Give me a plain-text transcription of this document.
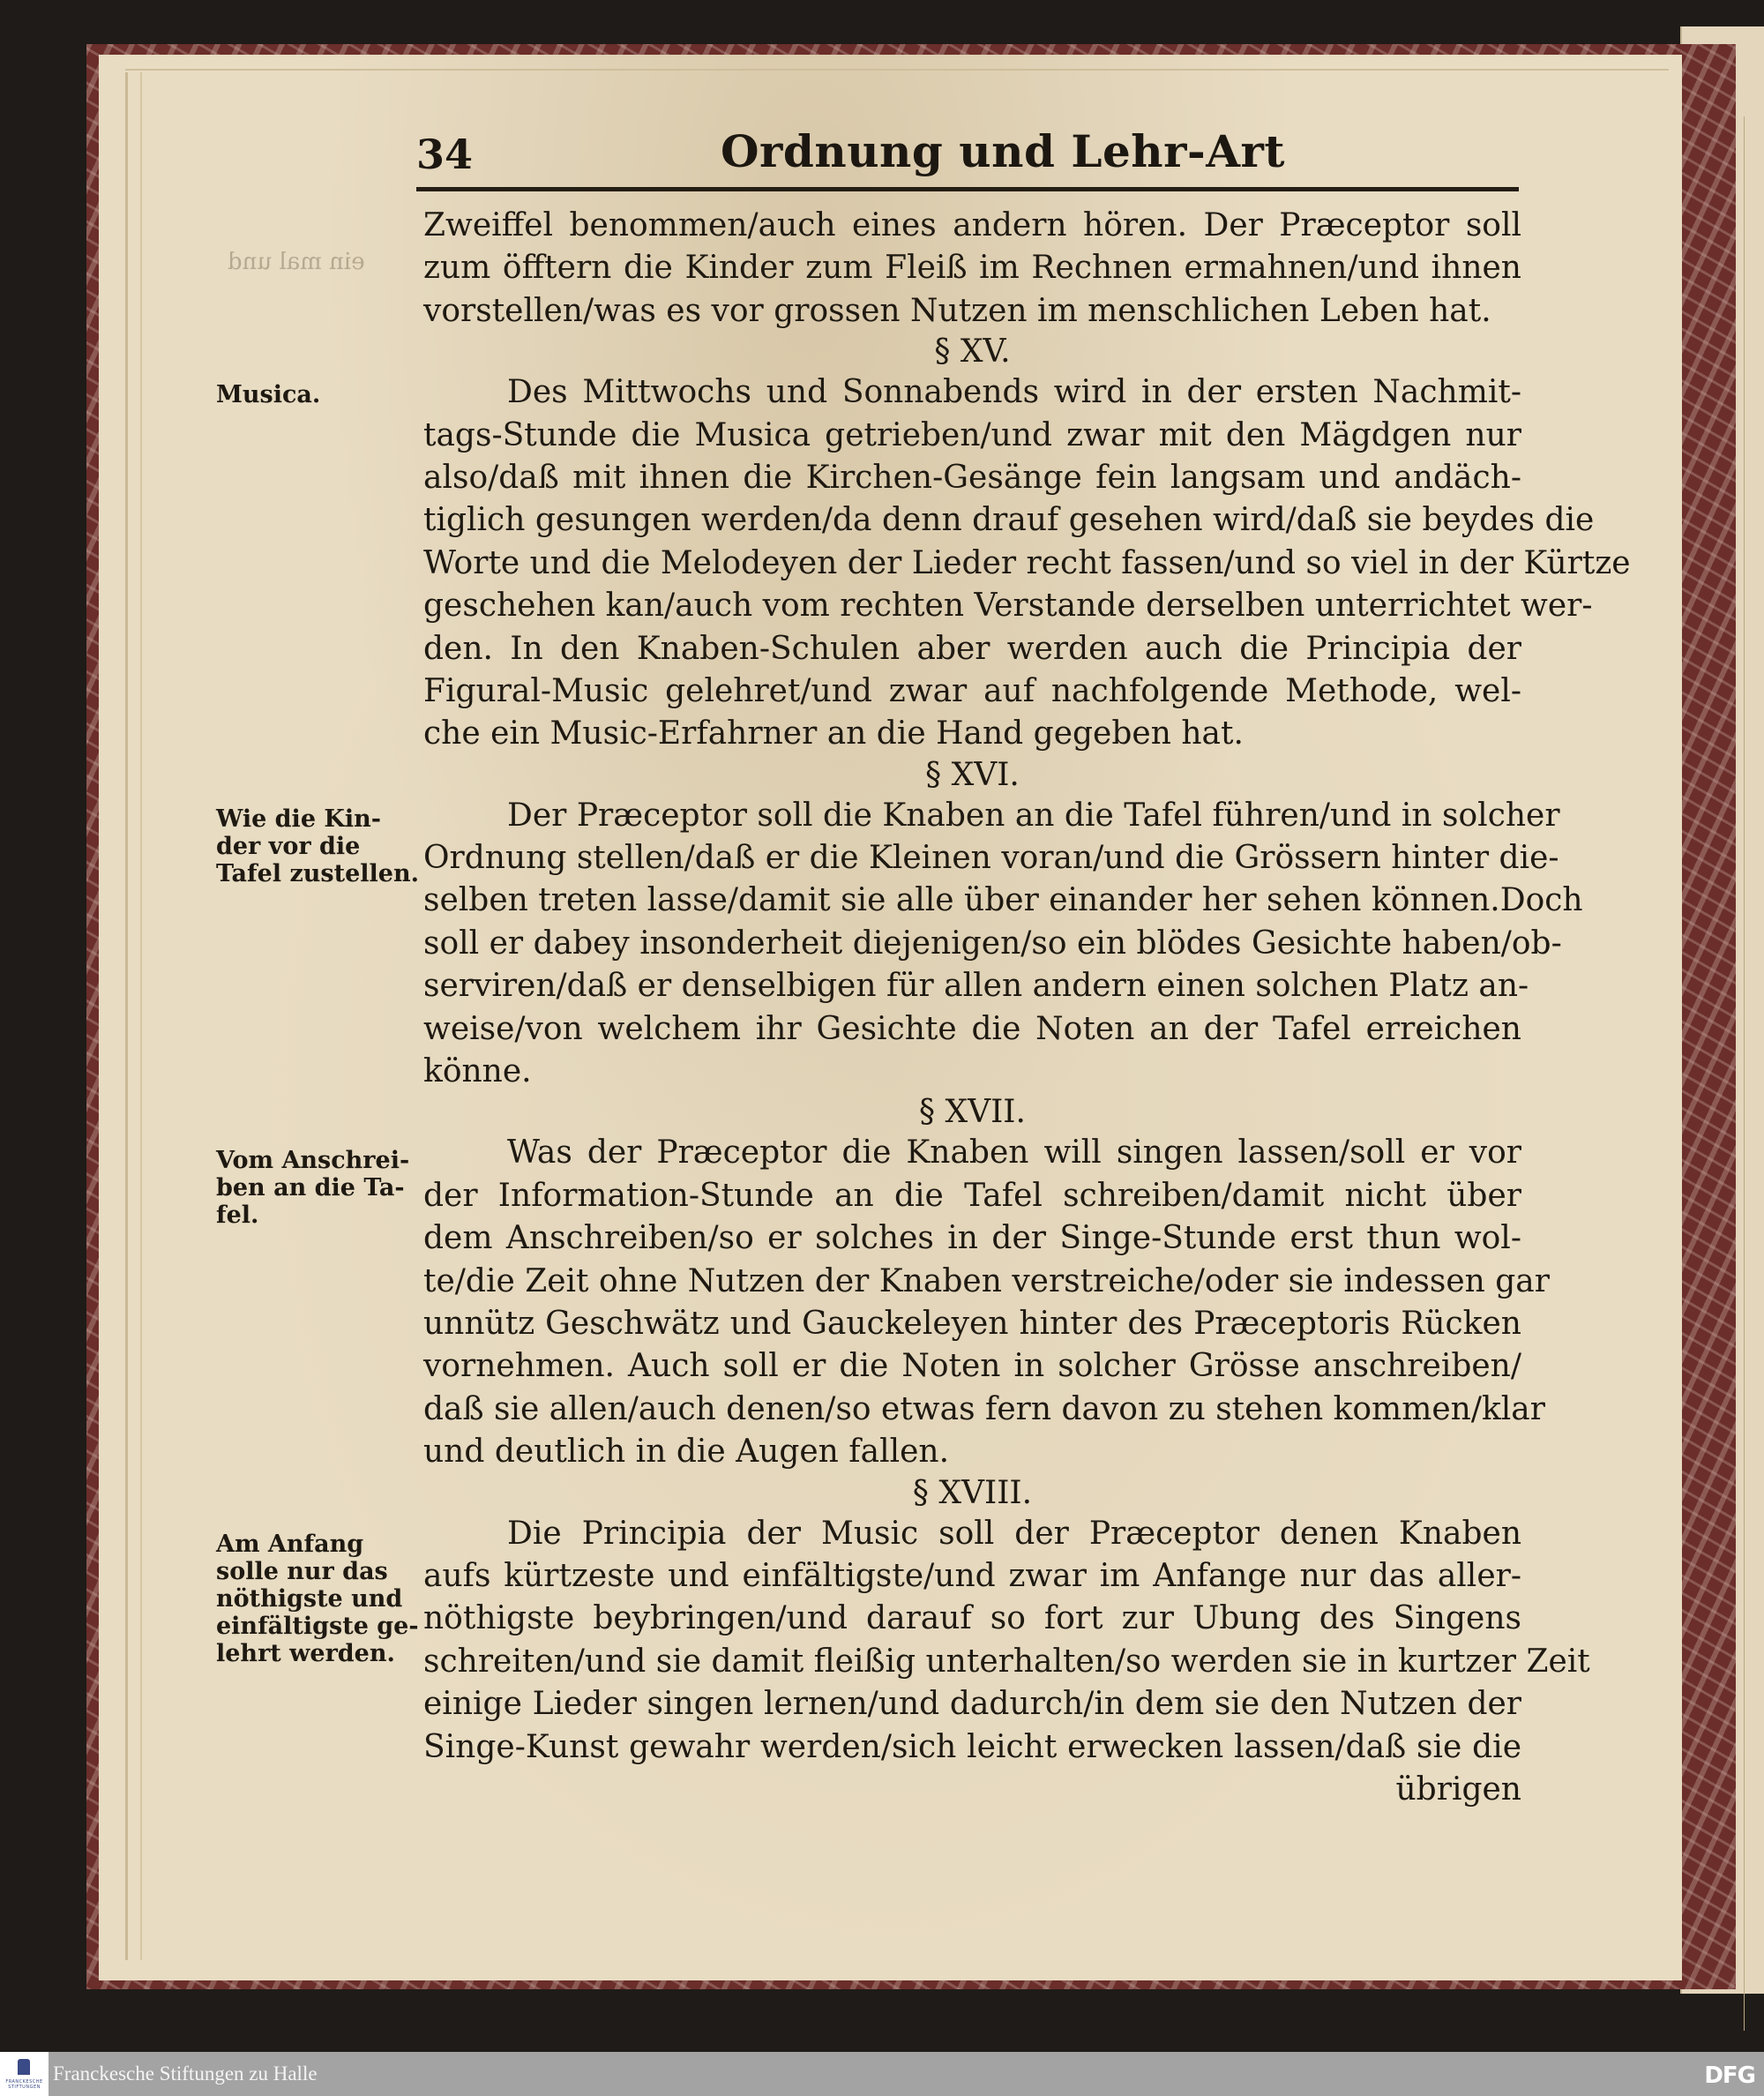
34	Ordnung und Lehr-Art
ein mal und
Musica.
Wie die Kin-
der vor die
Tafel zustellen.
Vom Anschrei-
ben an die Ta-
fel.
Am Anfang
solle nur das
nöthigste und
einfältigste ge-
lehrt werden.
Zweiffel benommen/auch eines andern hören. Der Præceptor soll
zum öfftern die Kinder zum Fleiß im Rechnen ermahnen/und ihnen
vorstellen/was es vor grossen Nutzen im menschlichen Leben hat.
§ XV.
Des Mittwochs und Sonnabends wird in der ersten Nachmit-
tags-Stunde die Musica getrieben/und zwar mit den Mägdgen nur
also/daß mit ihnen die Kirchen-Gesänge fein langsam und andäch-
tiglich gesungen werden/da denn drauf gesehen wird/daß sie beydes die
Worte und die Melodeyen der Lieder recht fassen/und so viel in der Kürtze
geschehen kan/auch vom rechten Verstande derselben unterrichtet wer-
den. In den Knaben-Schulen aber werden auch die Principia der
Figural-Music gelehret/und zwar auf nachfolgende Methode, wel-
che ein Music-Erfahrner an die Hand gegeben hat.
§ XVI.
Der Præceptor soll die Knaben an die Tafel führen/und in solcher
Ordnung stellen/daß er die Kleinen voran/und die Grössern hinter die-
selben treten lasse/damit sie alle über einander her sehen können.Doch
soll er dabey insonderheit diejenigen/so ein blödes Gesichte haben/ob-
serviren/daß er denselbigen für allen andern einen solchen Platz an-
weise/von welchem ihr Gesichte die Noten an der Tafel erreichen
könne.
§ XVII.
Was der Præceptor die Knaben will singen lassen/soll er vor
der Information-Stunde an die Tafel schreiben/damit nicht über
dem Anschreiben/so er solches in der Singe-Stunde erst thun wol-
te/die Zeit ohne Nutzen der Knaben verstreiche/oder sie indessen gar
unnütz Geschwätz und Gauckeleyen hinter des Præceptoris Rücken
vornehmen. Auch soll er die Noten in solcher Grösse anschreiben/
daß sie allen/auch denen/so etwas fern davon zu stehen kommen/klar
und deutlich in die Augen fallen.
§ XVIII.
Die Principia der Music soll der Præceptor denen Knaben
aufs kürtzeste und einfältigste/und zwar im Anfange nur das aller-
nöthigste beybringen/und darauf so fort zur Ubung des Singens
schreiten/und sie damit fleißig unterhalten/so werden sie in kurtzer Zeit
einige Lieder singen lernen/und dadurch/in dem sie den Nutzen der
Singe-Kunst gewahr werden/sich leicht erwecken lassen/daß sie die
übrigen
FRANCKESCHE
STIFTUNGEN
Franckesche Stiftungen zu Halle	DFG
